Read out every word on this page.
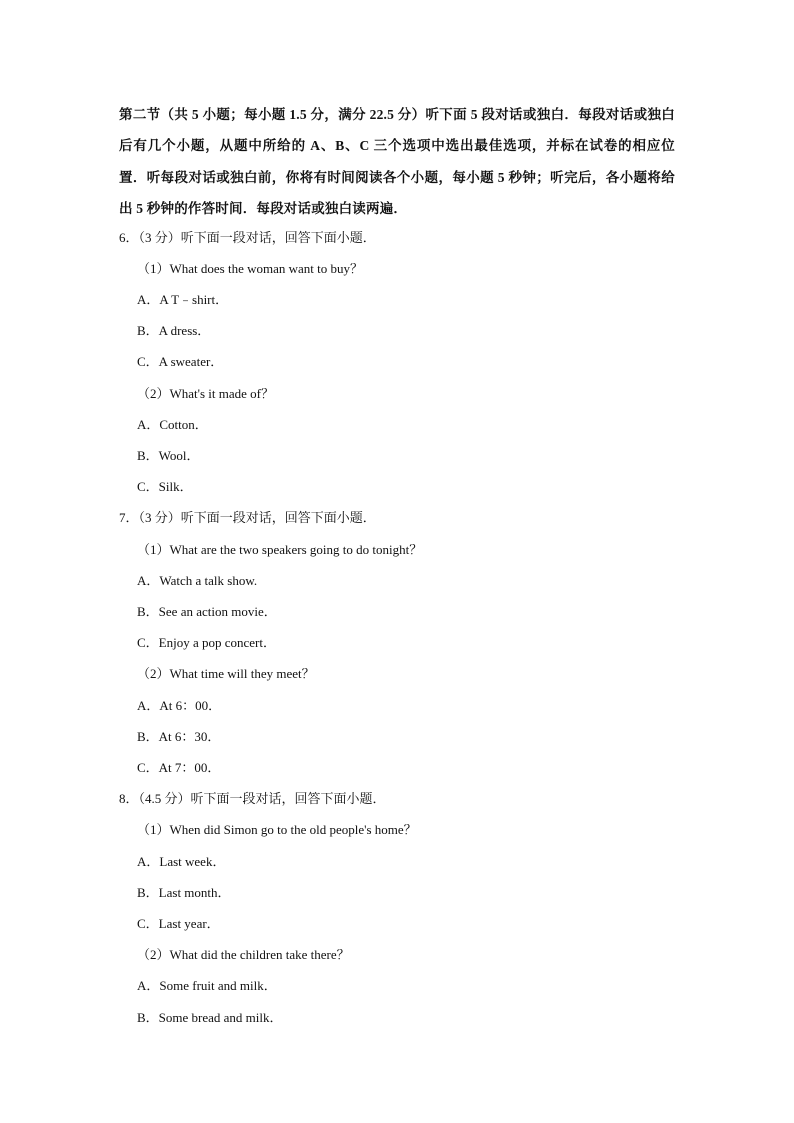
第二节（共 5 小题；每小题 1.5 分，满分 22.5 分）听下面 5 段对话或独白．每段对话或独白后有几个小题，从题中所给的 A、B、C 三个选项中选出最佳选项，并标在试卷的相应位置．听每段对话或独白前，你将有时间阅读各个小题，每小题 5 秒钟；听完后，各小题将给出 5 秒钟的作答时间．每段对话或独白读两遍．
6．（3 分）听下面一段对话，回答下面小题．
（1）What does the woman want to buy？
A．A T﹣shirt．
B．A dress．
C．A sweater．
（2）What's it made of？
A．Cotton．
B．Wool．
C．Silk．
7．（3 分）听下面一段对话，回答下面小题．
（1）What are the two speakers going to do tonight？
A．Watch a talk show.
B．See an action movie．
C．Enjoy a pop concert．
（2）What time will they meet？
A．At 6：00．
B．At 6：30．
C．At 7：00．
8．（4.5 分）听下面一段对话，回答下面小题．
（1）When did Simon go to the old people's home？
A．Last week．
B．Last month．
C．Last year．
（2）What did the children take there？
A．Some fruit and milk．
B．Some bread and milk．
